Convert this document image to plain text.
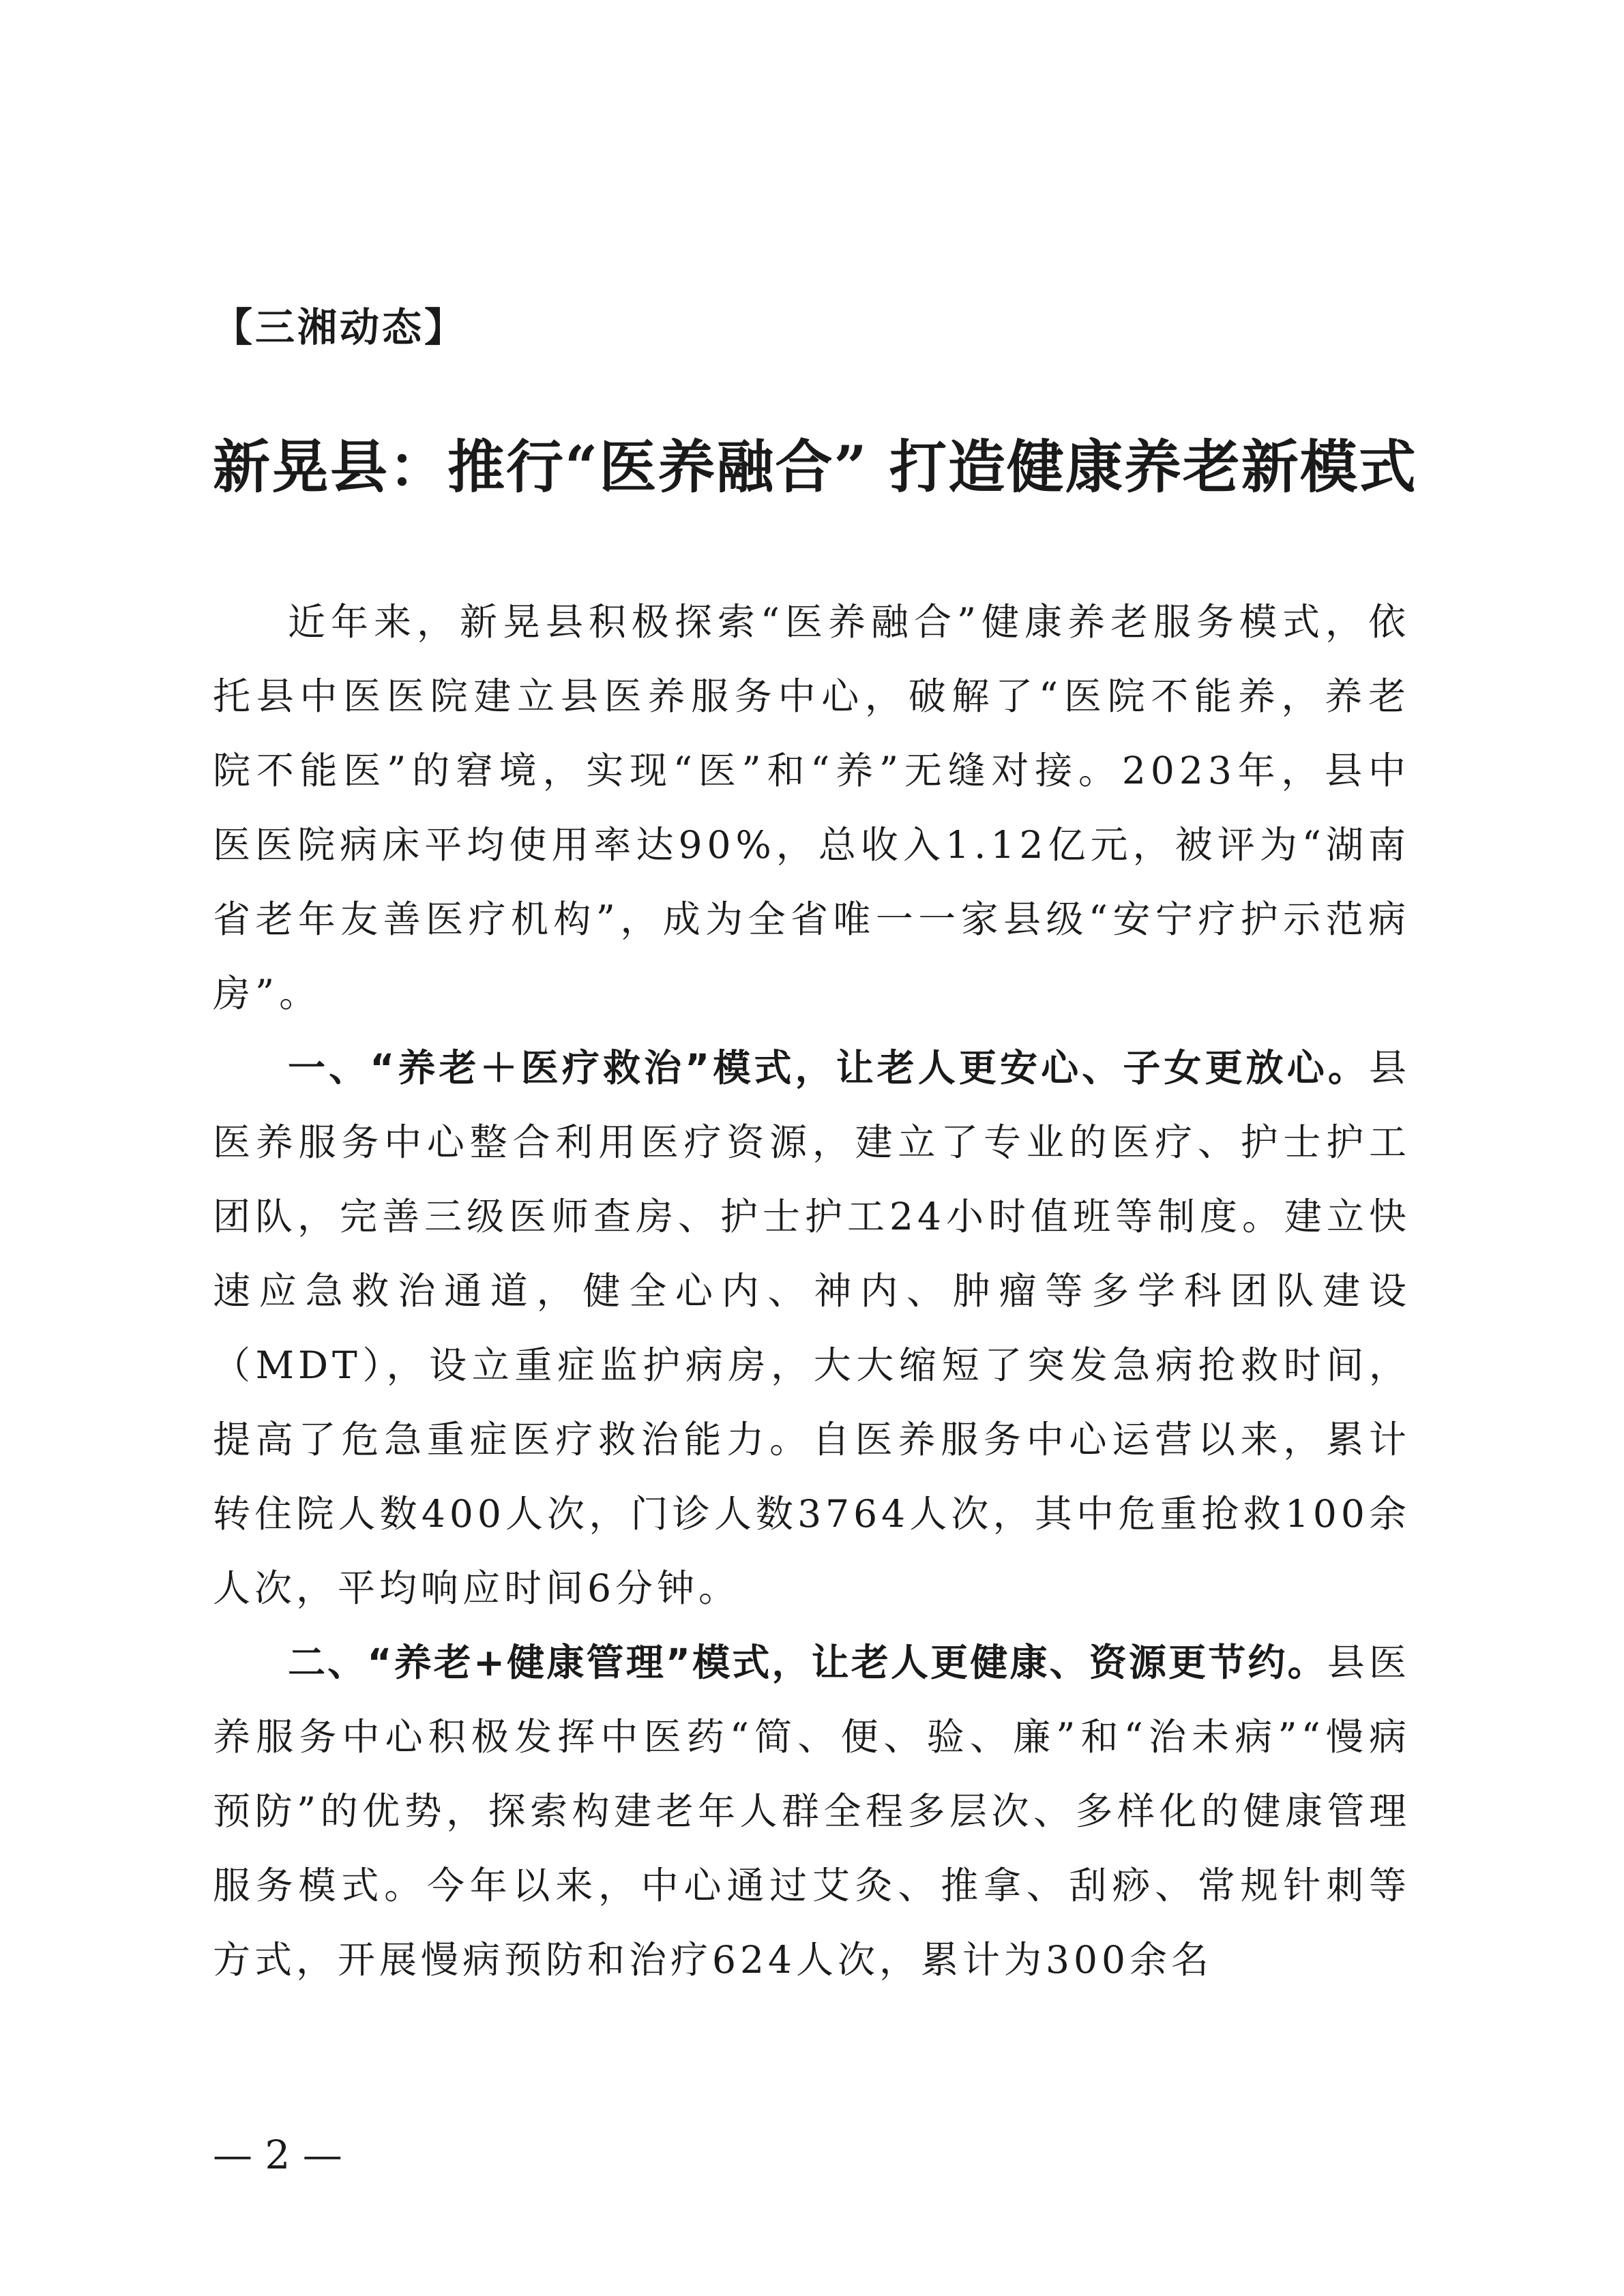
【三湘动态】
新晃县：推行“医养融合” 打造健康养老新模式

近年来，新晃县积极探索“医养融合”健康养老服务模式，依托县中医医院建立县医养服务中心，破解了“医院不能养，养老院不能医”的窘境，实现“医”和“养”无缝对接。2023年，县中医医院病床平均使用率达90%，总收入1.12亿元，被评为“湖南省老年友善医疗机构”，成为全省唯一一家县级“安宁疗护示范病房”。

一、“养老＋医疗救治”模式，让老人更安心、子女更放心。县医养服务中心整合利用医疗资源，建立了专业的医疗、护士护工团队，完善三级医师查房、护士护工24小时值班等制度。建立快速应急救治通道，健全心内、神内、肿瘤等多学科团队建设（MDT），设立重症监护病房，大大缩短了突发急病抢救时间，提高了危急重症医疗救治能力。自医养服务中心运营以来，累计转住院人数400人次，门诊人数3764人次，其中危重抢救100余人次，平均响应时间6分钟。

二、“养老+健康管理”模式，让老人更健康、资源更节约。县医养服务中心积极发挥中医药“简、便、验、廉”和“治未病”“慢病预防”的优势，探索构建老年人群全程多层次、多样化的健康管理服务模式。今年以来，中心通过艾灸、推拿、刮痧、常规针刺等方式，开展慢病预防和治疗624人次，累计为300余名

— 2 —
